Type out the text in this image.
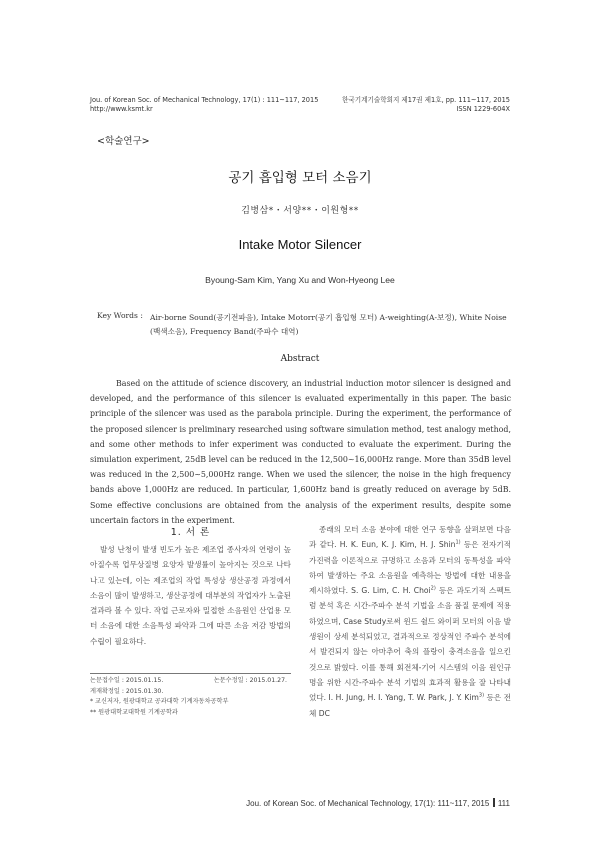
Jou. of Korean Soc. of Mechanical Technology, 17(1) : 111~117, 2015
http://www.ksmt.kr
한국기계기술학회지 제17권 제1호, pp. 111~117, 2015
ISSN 1229-604X
<학술연구>
공기 흡입형 모터 소음기
김병삼*・서양**・이원형**
Intake Motor Silencer
Byoung-Sam Kim, Yang Xu and Won-Hyeong Lee
Key Words : Air-borne Sound(공기전파음), Intake Motorr(공기 흡입형 모터) A-weighting(A-보정), White Noise (백색소음), Frequency Band(주파수 대역)
Abstract
Based on the attitude of science discovery, an industrial induction motor silencer is designed and developed, and the performance of this silencer is evaluated experimentally in this paper. The basic principle of the silencer was used as the parabola principle. During the experiment, the performance of the proposed silencer is preliminary researched using software simulation method, test analogy method, and some other methods to infer experiment was conducted to evaluate the experiment. During the simulation experiment, 25dB level can be reduced in the 12,500~16,000Hz range. More than 35dB level was reduced in the 2,500~5,000Hz range. When we used the silencer, the noise in the high frequency bands above 1,000Hz are reduced. In particular, 1,600Hz band is greatly reduced on average by 5dB. Some effective conclusions are obtained from the analysis of the experiment results, despite some uncertain factors in the experiment.
1. 서 론
발성 난청이 발생 빈도가 높은 제조업 종사자의 연령이 높아질수록 업무상질병 요양자 발생률이 높아지는 것으로 나타나고 있는데, 이는 제조업의 작업 특성상 생산공정 과정에서 소음이 많이 발생하고, 생산공정에 대부분의 작업자가 노출된 결과라 볼 수 있다. 작업 근로자와 밀접한 소음원인 산업용 모터 소음에 대한 소음특성 파악과 그에 따른 소음 저감 방법의 수립이 필요하다.
종래의 모터 소음 분야에 대한 연구 동향을 살펴보면 다음과 같다. H. K. Eun, K. J. Kim, H. J. Shin$^{1)}$ 등은 전자기적 가진력을 이론적으로 규명하고 소음과 모터의 동특성을 파악하여 발생하는 주요 소음원을 예측하는 방법에 대한 내용을 제시하였다. S. G. Lim, C. H. Choi$^{2)}$ 등은 과도기적 스펙트럼 분석 혹은 시간-주파수 분석 기법을 소음 품질 문제에 적용하였으며, Case Study로써 윈드 쉴드 와이퍼 모터의 이음 발생원이 상세 분석되었고, 결과적으로 정상적인 주파수 분석에서 발견되지 않는 아마추어 축의 플랑이 충격소음을 일으킨 것으로 밝혔다. 이를 통해 회전체-기어 시스템의 이음 원인규명을 위한 시간-주파수 분석 기법의 효과적 활용을 잘 나타내었다. I. H. Jung, H. I. Yang, T. W. Park, J. Y. Kim$^{3)}$ 등은 전체 DC
논문접수일 : 2015.01.15.	논문수정일 : 2015.01.27.
게재확정일 : 2015.01.30.
* 교신저자, 원광대학교 공과대학 기계자동차공학부
** 원광대학교대학원 기계공학과
Jou. of Korean Soc. of Mechanical Technology, 17(1): 111~117, 2015 111
